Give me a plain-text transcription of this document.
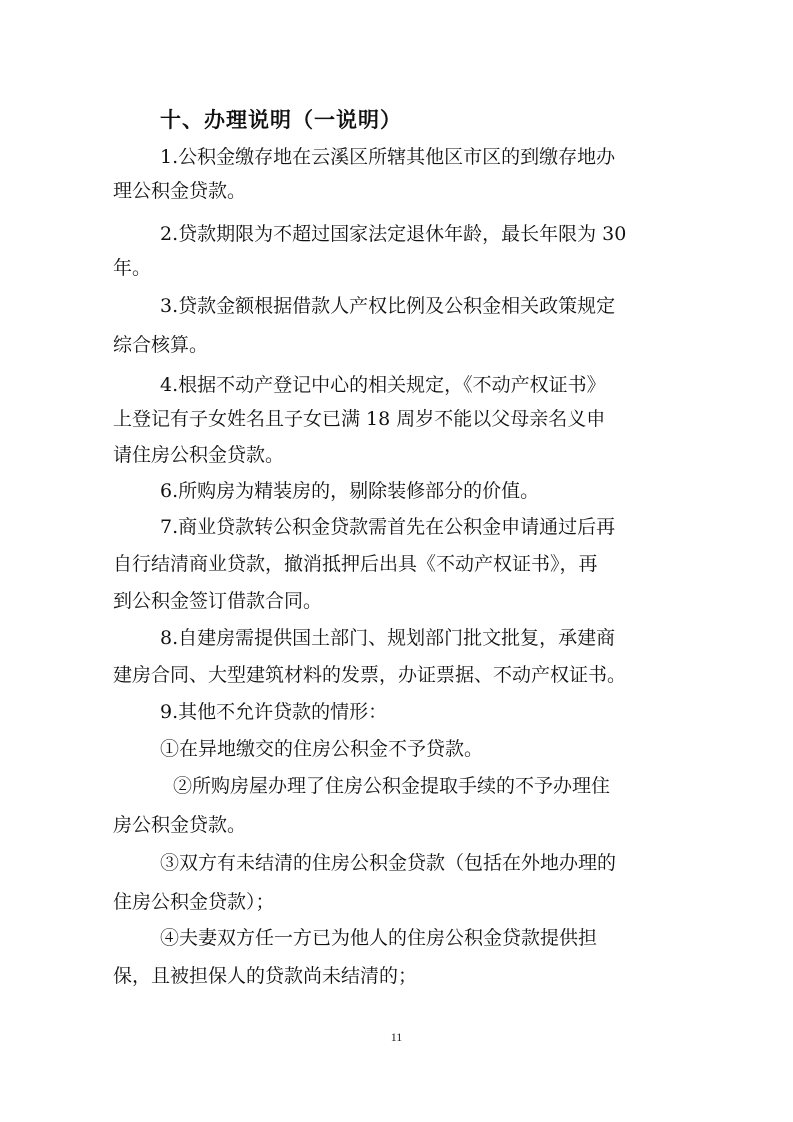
十、办理说明（一说明）

1.公积金缴存地在云溪区所辖其他区市区的到缴存地办

理公积金贷款。

2.贷款期限为不超过国家法定退休年龄，最长年限为 30

年。

3.贷款金额根据借款人产权比例及公积金相关政策规定

综合核算。

4.根据不动产登记中心的相关规定，《不动产权证书》

上登记有子女姓名且子女已满 18 周岁不能以父母亲名义申

请住房公积金贷款。

6.所购房为精装房的，剔除装修部分的价值。

7.商业贷款转公积金贷款需首先在公积金申请通过后再

自行结清商业贷款，撤消抵押后出具《不动产权证书》，再

到公积金签订借款合同。

8.自建房需提供国土部门、规划部门批文批复，承建商

建房合同、大型建筑材料的发票，办证票据、不动产权证书。

9.其他不允许贷款的情形：

①在异地缴交的住房公积金不予贷款。

②所购房屋办理了住房公积金提取手续的不予办理住

房公积金贷款。

③双方有未结清的住房公积金贷款（包括在外地办理的

住房公积金贷款）；

④夫妻双方任一方已为他人的住房公积金贷款提供担

保，且被担保人的贷款尚未结清的；

11
